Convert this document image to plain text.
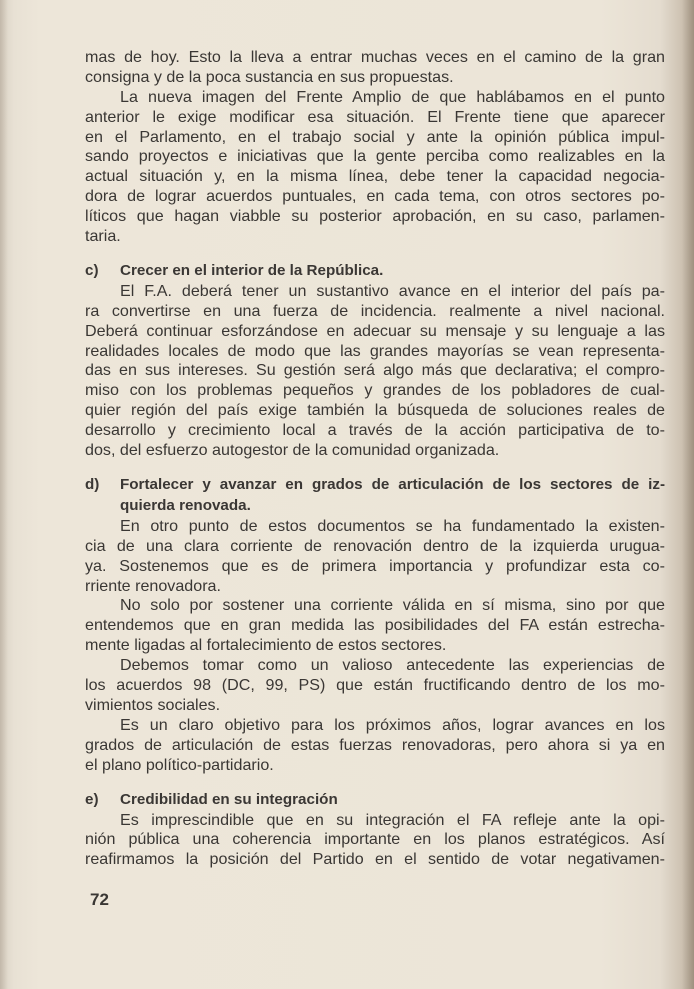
mas de hoy. Esto la lleva a entrar muchas veces en el camino de la gran
consigna y de la poca sustancia en sus propuestas.
La nueva imagen del Frente Amplio de que hablábamos en el punto
anterior le exige modificar esa situación. El Frente tiene que aparecer
en el Parlamento, en el trabajo social y ante la opinión pública impul-
sando proyectos e iniciativas que la gente perciba como realizables en la
actual situación y, en la misma línea, debe tener la capacidad negocia-
dora de lograr acuerdos puntuales, en cada tema, con otros sectores po-
líticos que hagan viabble su posterior aprobación, en su caso, parlamen-
taria.
c) Crecer en el interior de la República.
El F.A. deberá tener un sustantivo avance en el interior del país pa-
ra convertirse en una fuerza de incidencia. realmente a nivel nacional.
Deberá continuar esforzándose en adecuar su mensaje y su lenguaje a las
realidades locales de modo que las grandes mayorías se vean representa-
das en sus intereses. Su gestión será algo más que declarativa; el compro-
miso con los problemas pequeños y grandes de los pobladores de cual-
quier región del país exige también la búsqueda de soluciones reales de
desarrollo y crecimiento local a través de la acción participativa de to-
dos, del esfuerzo autogestor de la comunidad organizada.
d) Fortalecer y avanzar en grados de articulación de los sectores de iz-
quierda renovada.
En otro punto de estos documentos se ha fundamentado la existen-
cia de una clara corriente de renovación dentro de la izquierda urugua-
ya. Sostenemos que es de primera importancia y profundizar esta co-
rriente renovadora.
No solo por sostener una corriente válida en sí misma, sino por que
entendemos que en gran medida las posibilidades del FA están estrecha-
mente ligadas al fortalecimiento de estos sectores.
Debemos tomar como un valioso antecedente las experiencias de
los acuerdos 98 (DC, 99, PS) que están fructificando dentro de los mo-
vimientos sociales.
Es un claro objetivo para los próximos años, lograr avances en los
grados de articulación de estas fuerzas renovadoras, pero ahora si ya en
el plano político-partidario.
e) Credibilidad en su integración
Es imprescindible que en su integración el FA refleje ante la opi-
nión pública una coherencia importante en los planos estratégicos. Así
reafirmamos la posición del Partido en el sentido de votar negativamen-
72
